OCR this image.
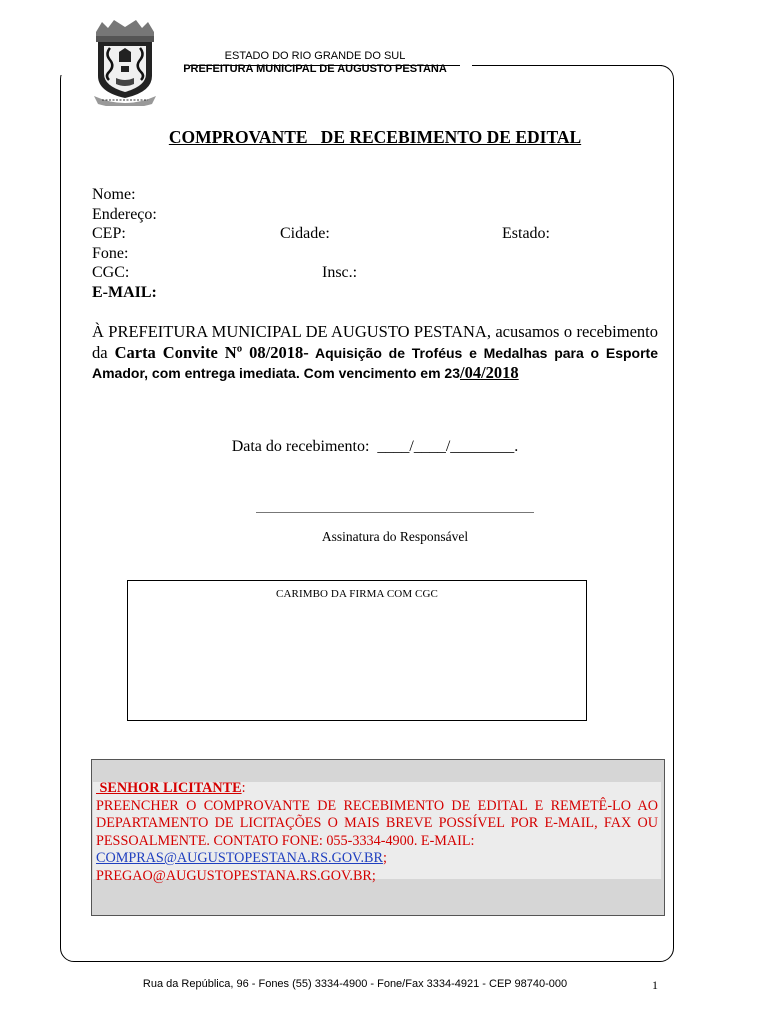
ESTADO DO RIO GRANDE DO SUL
PREFEITURA MUNICIPAL DE AUGUSTO PESTANA
COMPROVANTE   DE RECEBIMENTO DE EDITAL
Nome:
Endereço:
CEP:	Cidade:	Estado:
Fone:
CGC:	Insc.:
E-MAIL:
À PREFEITURA MUNICIPAL DE AUGUSTO PESTANA, acusamos o recebimento da Carta Convite Nº 08/2018- Aquisição de Troféus e Medalhas para o Esporte Amador, com entrega imediata. Com vencimento em 23/04/2018
Data do recebimento:  ____/____/________.
Assinatura do Responsável
CARIMBO DA FIRMA COM CGC
SENHOR LICITANTE:
PREENCHER O COMPROVANTE DE RECEBIMENTO DE EDITAL E REMETÊ-LO AO DEPARTAMENTO DE LICITAÇÕES O MAIS BREVE POSSÍVEL POR E-MAIL, FAX OU PESSOALMENTE. CONTATO FONE: 055-3334-4900. E-MAIL:
COMPRAS@AUGUSTOPESTANA.RS.GOV.BR;
PREGAO@AUGUSTOPESTANA.RS.GOV.BR;
Rua da República, 96 - Fones (55) 3334-4900 - Fone/Fax 3334-4921 - CEP 98740-000	1
